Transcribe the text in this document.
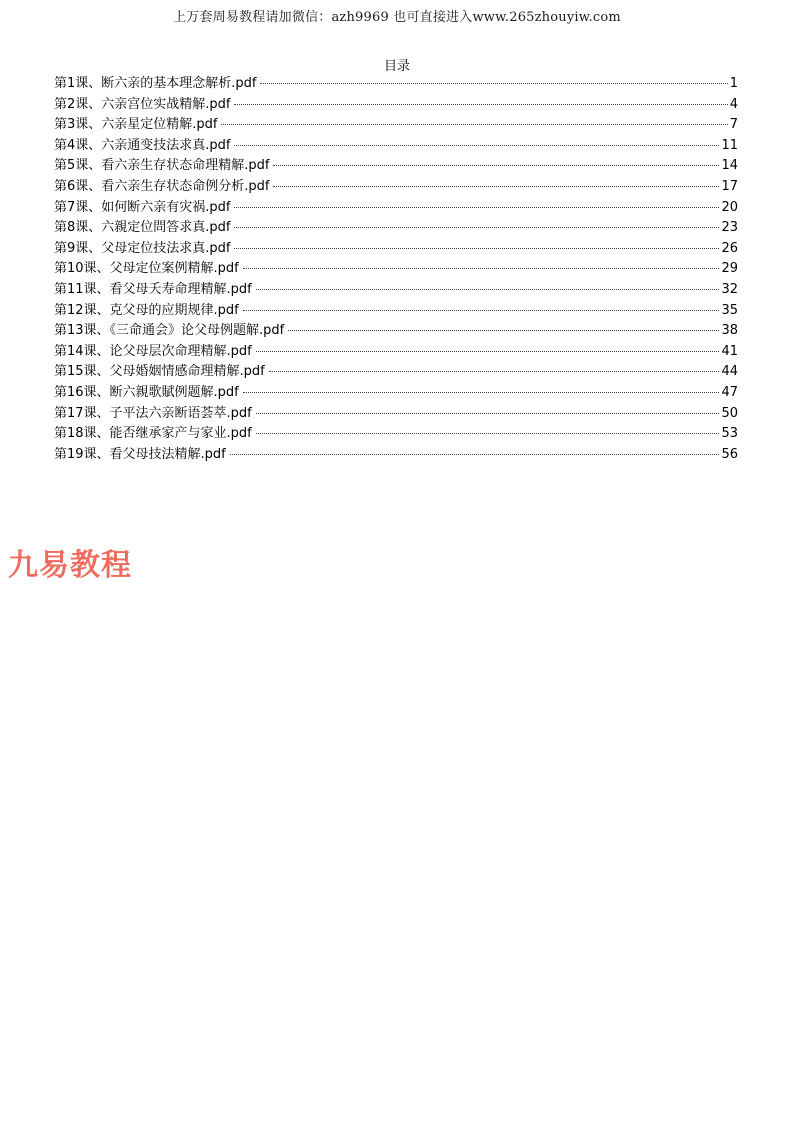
上万套周易教程请加微信：azh9969 也可直接进入www.265zhouyiw.com
目录
第1课、断六亲的基本理念解析.pdf	1
第2课、六亲宫位实战精解.pdf	4
第3课、六亲星定位精解.pdf	7
第4课、六亲通变技法求真.pdf	11
第5课、看六亲生存状态命理精解.pdf	14
第6课、看六亲生存状态命例分析.pdf	17
第7课、如何断六亲有灾祸.pdf	20
第8课、六親定位問答求真.pdf	23
第9课、父母定位技法求真.pdf	26
第10课、父母定位案例精解.pdf	29
第11课、看父母夭寿命理精解.pdf	32
第12课、克父母的应期规律.pdf	35
第13课、《三命通会》论父母例题解.pdf	38
第14课、论父母层次命理精解.pdf	41
第15课、父母婚姻情感命理精解.pdf	44
第16课、断六親歌賦例题解.pdf	47
第17课、子平法六亲断语荟萃.pdf	50
第18课、能否继承家产与家业.pdf	53
第19课、看父母技法精解.pdf	56
九易教程
